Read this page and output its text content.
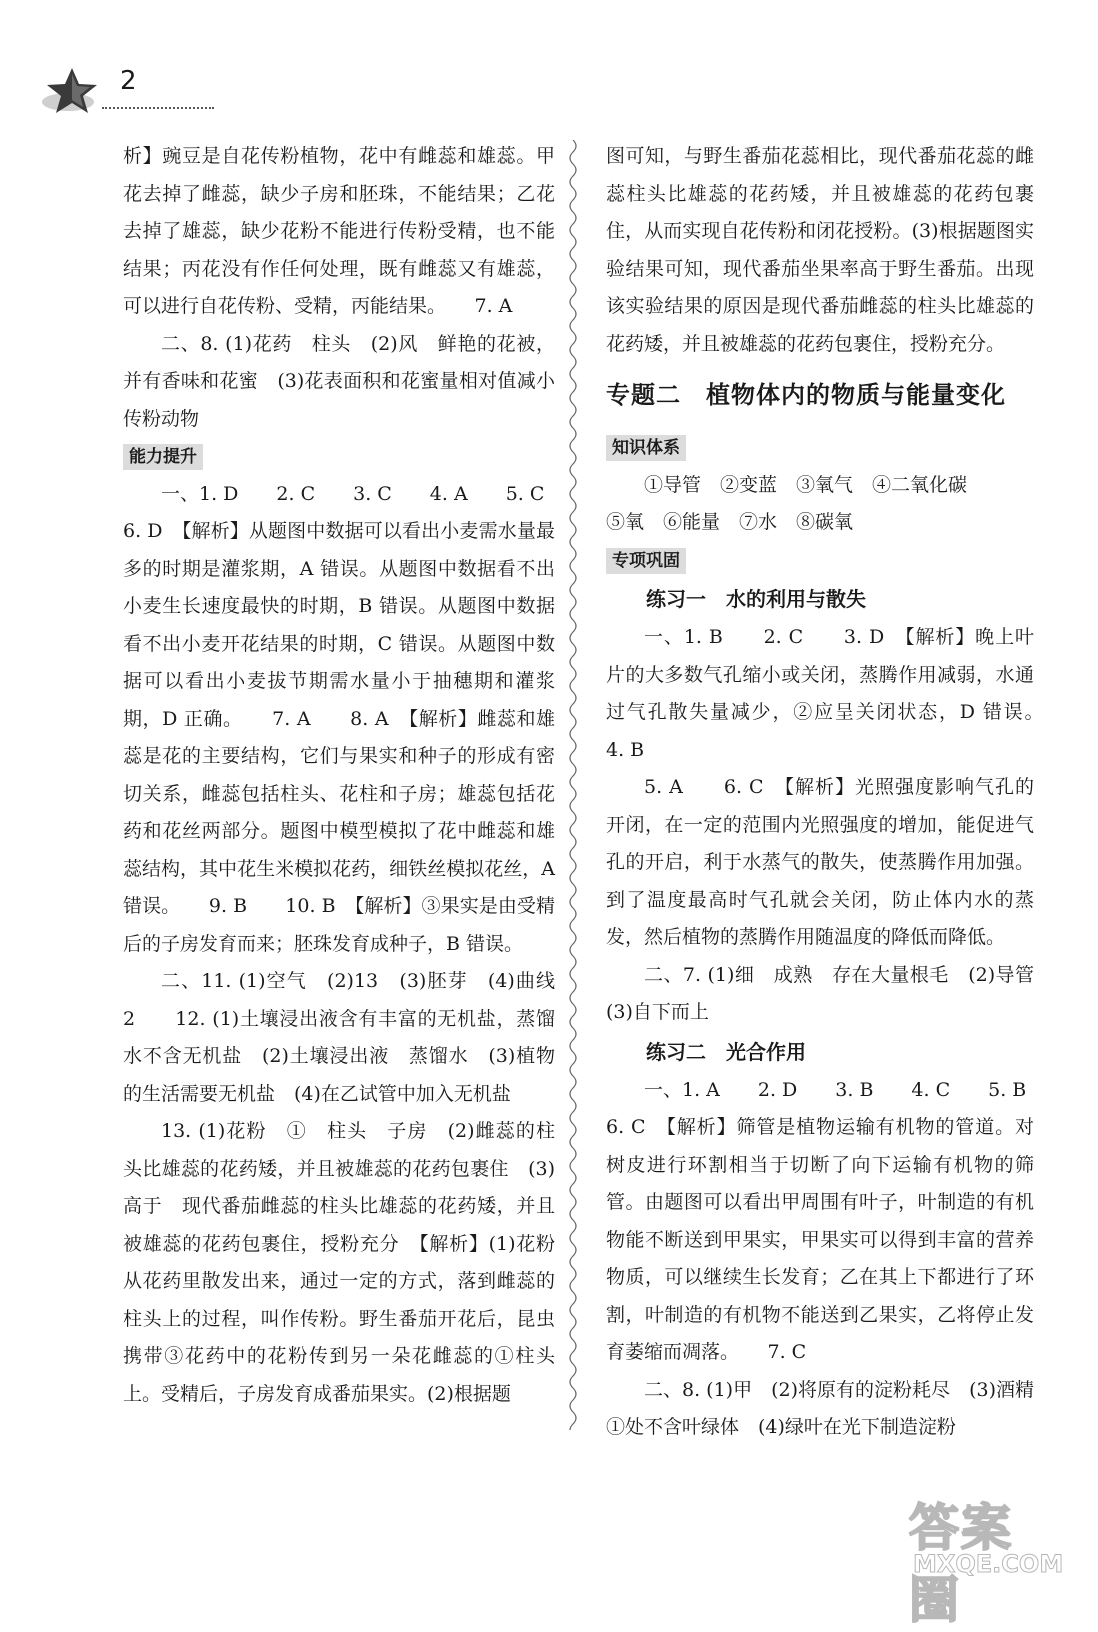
2

析】豌豆是自花传粉植物，花中有雌蕊和雄蕊。甲花去掉了雌蕊，缺少子房和胚珠，不能结果；乙花去掉了雄蕊，缺少花粉不能进行传粉受精，也不能结果；丙花没有作任何处理，既有雌蕊又有雄蕊，可以进行自花传粉、受精，丙能结果。　　7. A

二、8. (1)花药　柱头　(2)风　鲜艳的花被，并有香味和花蜜　(3)花表面积和花蜜量相对值减小　传粉动物

能力提升

一、1. D　　2. C　　3. C　　4. A　　5. C

6. D　【解析】从题图中数据可以看出小麦需水量最多的时期是灌浆期，A 错误。从题图中数据看不出小麦生长速度最快的时期，B 错误。从题图中数据看不出小麦开花结果的时期，C 错误。从题图中数据可以看出小麦拔节期需水量小于抽穗期和灌浆期，D 正确。　　7. A　　8. A　【解析】雌蕊和雄蕊是花的主要结构，它们与果实和种子的形成有密切关系，雌蕊包括柱头、花柱和子房；雄蕊包括花药和花丝两部分。题图中模型模拟了花中雌蕊和雄蕊结构，其中花生米模拟花药，细铁丝模拟花丝，A 错误。　　9. B　　10. B　【解析】③果实是由受精后的子房发育而来；胚珠发育成种子，B 错误。

二、11. (1)空气　(2)13　(3)胚芽　(4)曲线 2　　12. (1)土壤浸出液含有丰富的无机盐，蒸馏水不含无机盐　(2)土壤浸出液　蒸馏水　(3)植物的生活需要无机盐　(4)在乙试管中加入无机盐

13. (1)花粉　①　柱头　子房　(2)雌蕊的柱头比雄蕊的花药矮，并且被雄蕊的花药包裹住　(3)高于　现代番茄雌蕊的柱头比雄蕊的花药矮，并且被雄蕊的花药包裹住，授粉充分　【解析】(1)花粉从花药里散发出来，通过一定的方式，落到雌蕊的柱头上的过程，叫作传粉。野生番茄开花后，昆虫携带③花药中的花粉传到另一朵花雌蕊的①柱头上。受精后，子房发育成番茄果实。(2)根据题

图可知，与野生番茄花蕊相比，现代番茄花蕊的雌蕊柱头比雄蕊的花药矮，并且被雄蕊的花药包裹住，从而实现自花传粉和闭花授粉。(3)根据题图实验结果可知，现代番茄坐果率高于野生番茄。出现该实验结果的原因是现代番茄雌蕊的柱头比雄蕊的花药矮，并且被雄蕊的花药包裹住，授粉充分。

专题二　植物体内的物质与能量变化
知识体系

①导管　②变蓝　③氧气　④二氧化碳

⑤氧　⑥能量　⑦水　⑧碳氧

专项巩固
练习一　水的利用与散失

一、1. B　　2. C　　3. D　【解析】晚上叶片的大多数气孔缩小或关闭，蒸腾作用减弱，水通过气孔散失量减少，②应呈关闭状态，D 错误。　　4. B

5. A　　6. C　【解析】光照强度影响气孔的开闭，在一定的范围内光照强度的增加，能促进气孔的开启，利于水蒸气的散失，使蒸腾作用加强。到了温度最高时气孔就会关闭，防止体内水的蒸发，然后植物的蒸腾作用随温度的降低而降低。

二、7. (1)细　成熟　存在大量根毛　(2)导管　(3)自下而上

练习二　光合作用

一、1. A　　2. D　　3. B　　4. C　　5. B

6. C　【解析】筛管是植物运输有机物的管道。对树皮进行环割相当于切断了向下运输有机物的筛管。由题图可以看出甲周围有叶子，叶制造的有机物能不断送到甲果实，甲果实可以得到丰富的营养物质，可以继续生长发育；乙在其上下都进行了环割，叶制造的有机物不能送到乙果实，乙将停止发育萎缩而凋落。　　7. C

二、8. (1)甲　(2)将原有的淀粉耗尽　(3)酒精　①处不含叶绿体　(4)绿叶在光下制造淀粉

答案圈
MXQE.COM
